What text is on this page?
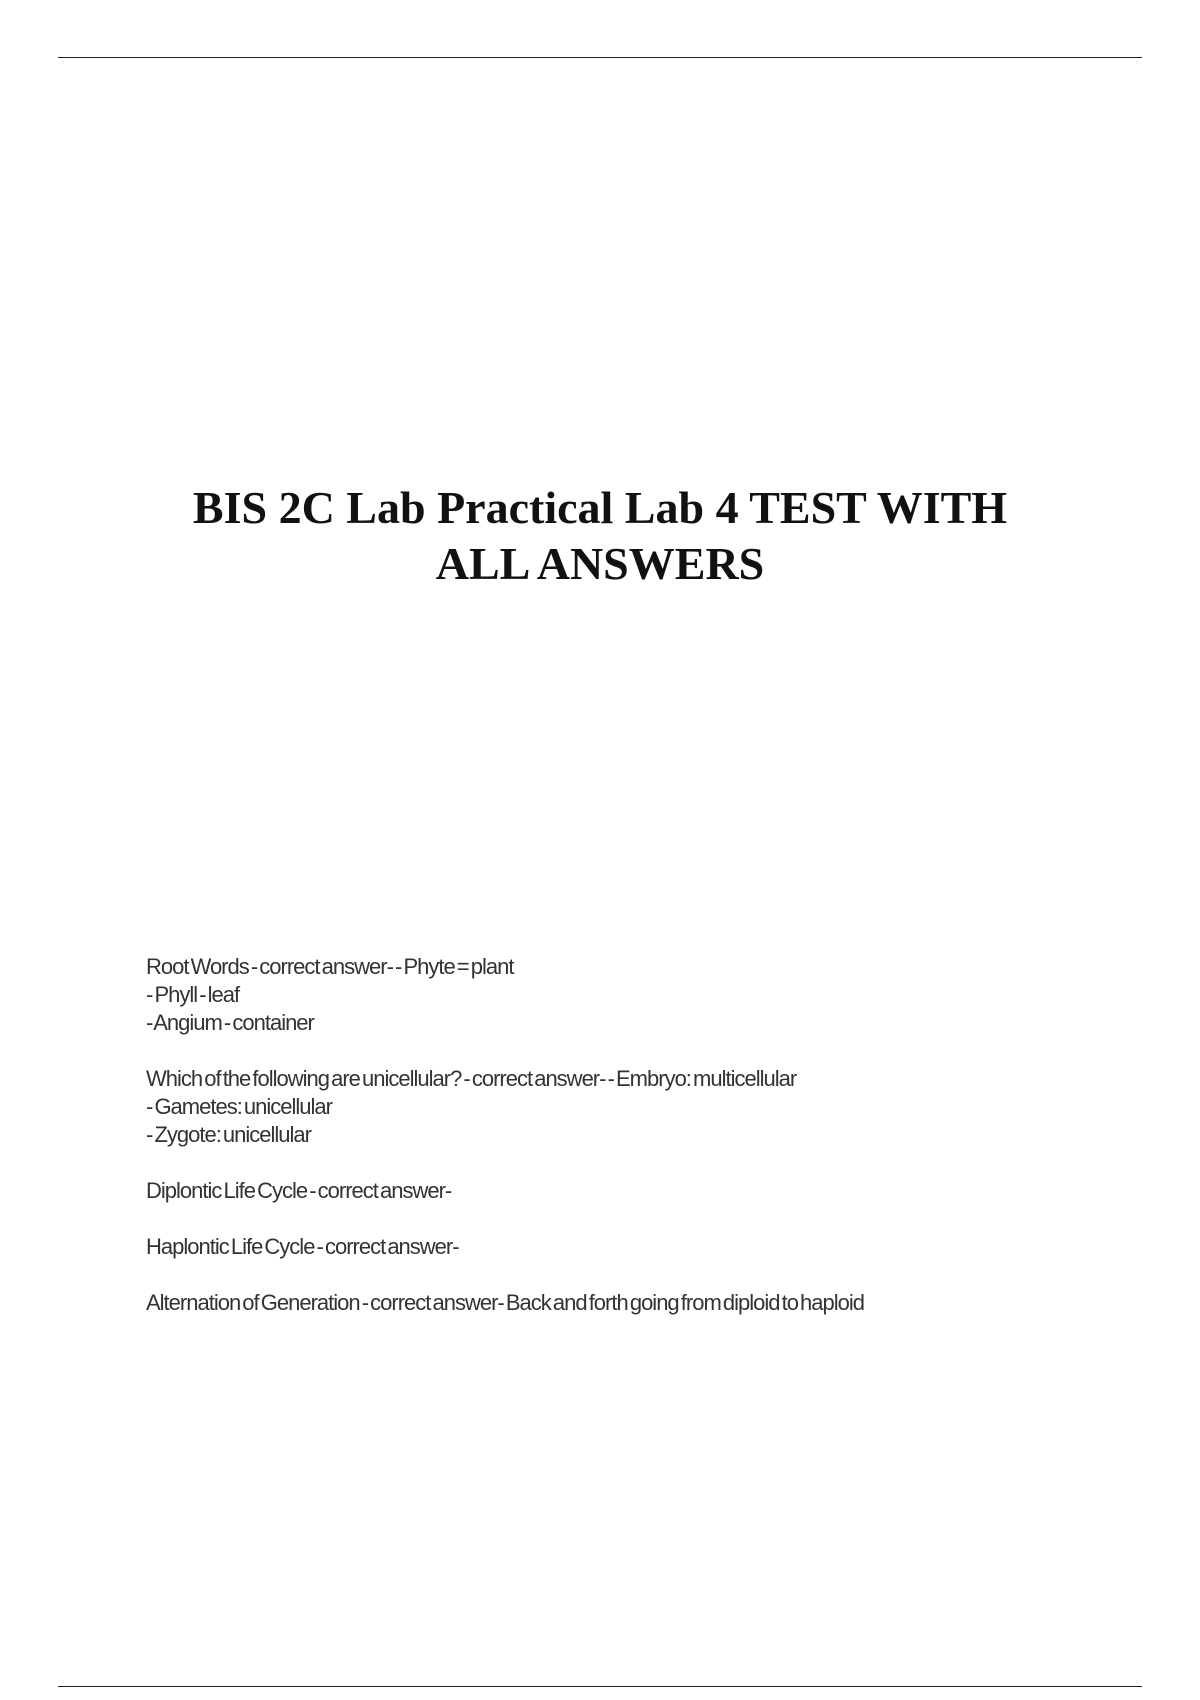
BIS 2C Lab Practical Lab 4 TEST WITH
ALL ANSWERS
Root Words - correct answer- - Phyte = plant
- Phyll - leaf
- Angium - container
Which of the following are unicellular? - correct answer- - Embryo: multicellular
- Gametes: unicellular
- Zygote: unicellular
Diplontic Life Cycle - correct answer-
Haplontic Life Cycle - correct answer-
Alternation of Generation - correct answer- Back and forth going from diploid to haploid
